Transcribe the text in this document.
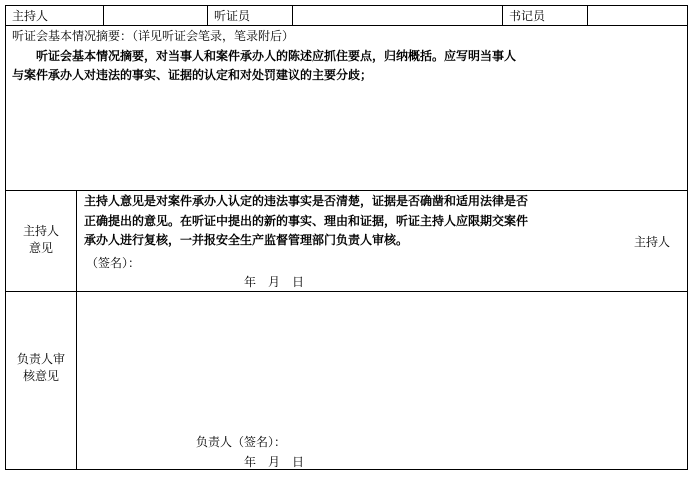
主持人	听证员	书记员
听证会基本情况摘要：（详见听证会笔录，笔录附后）
听证会基本情况摘要，对当事人和案件承办人的陈述应抓住要点，归纳概括。应写明当事人
与案件承办人对违法的事实、证据的认定和对处罚建议的主要分歧；
主持人
意见
主持人意见是对案件承办人认定的违法事实是否清楚，证据是否确凿和适用法律是否
正确提出的意见。在听证中提出的新的事实、理由和证据，听证主持人应限期交案件
承办人进行复核，一并报安全生产监督管理部门负责人审核。	主持人
（签名）：
年　月　日
负责人审
核意见
负责人（签名）：
年　月　日
